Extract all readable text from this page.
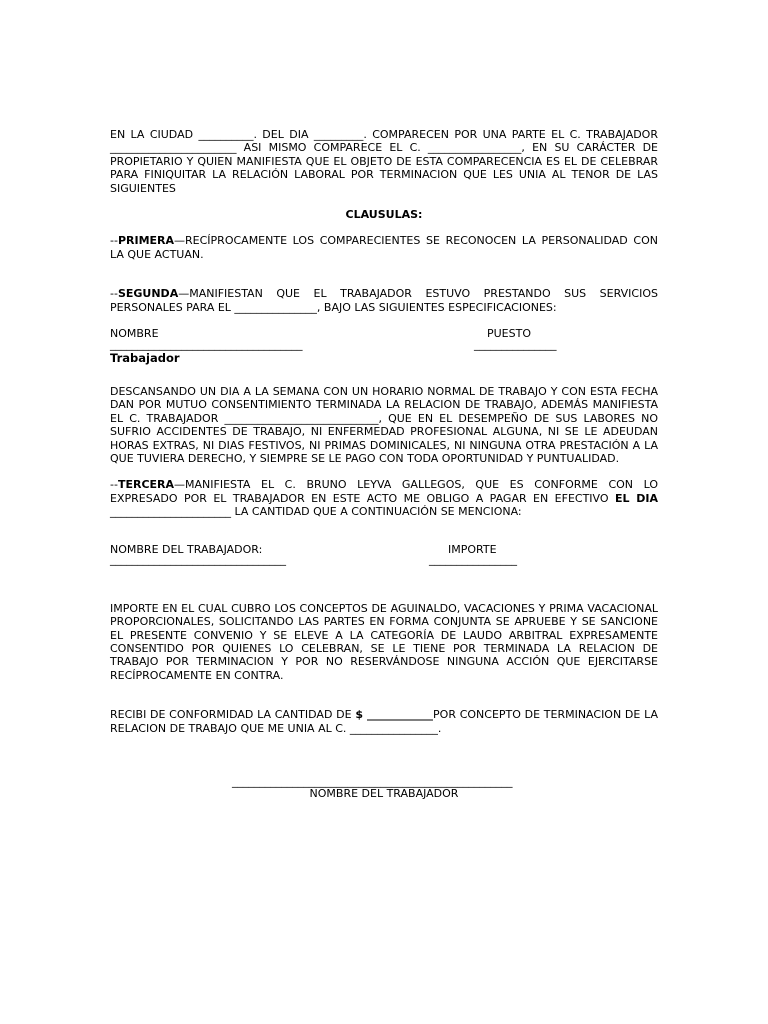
EN LA CIUDAD __________. DEL DIA _________. COMPARECEN POR UNA PARTE EL C. TRABAJADOR
_______________________ ASI MISMO COMPARECE EL C. _________________, EN SU CARÁCTER DE
PROPIETARIO Y QUIEN MANIFIESTA QUE EL OBJETO DE ESTA COMPARECENCIA ES EL DE CELEBRAR
PARA FINIQUITAR LA RELACIÓN LABORAL POR TERMINACION QUE LES UNIA AL TENOR DE LAS
SIGUIENTES

CLAUSULAS:

--PRIMERA—RECÍPROCAMENTE LOS COMPARECIENTES SE RECONOCEN LA PERSONALIDAD CON LA QUE ACTUAN.

--SEGUNDA—MANIFIESTAN QUE EL TRABAJADOR ESTUVO PRESTANDO SUS SERVICIOS PERSONALES PARA EL _______________, BAJO LAS SIGUIENTES ESPECIFICACIONES:

NOMBRE	PUESTO
___________________________________	_______________
Trabajador

DESCANSANDO UN DIA A LA SEMANA CON UN HORARIO NORMAL DE TRABAJO Y CON ESTA FECHA DAN POR MUTUO CONSENTIMIENTO TERMINADA LA RELACION DE TRABAJO, ADEMÁS MANIFIESTA EL C. TRABAJADOR ____________________________, QUE EN EL DESEMPEÑO DE SUS LABORES NO SUFRIO ACCIDENTES DE TRABAJO, NI ENFERMEDAD PROFESIONAL ALGUNA, NI SE LE ADEUDAN HORAS EXTRAS, NI DIAS FESTIVOS, NI PRIMAS DOMINICALES, NI NINGUNA OTRA PRESTACIÓN A LA QUE TUVIERA DERECHO, Y SIEMPRE SE LE PAGO CON TODA OPORTUNIDAD Y PUNTUALIDAD.

--TERCERA—MANIFIESTA EL C. BRUNO LEYVA GALLEGOS, QUE ES CONFORME CON LO EXPRESADO POR EL TRABAJADOR EN ESTE ACTO ME OBLIGO A PAGAR EN EFECTIVO EL DIA ______________________ LA CANTIDAD QUE A CONTINUACIÓN SE MENCIONA:

NOMBRE DEL TRABAJADOR:	IMPORTE
________________________________	________________

IMPORTE EN EL CUAL CUBRO LOS CONCEPTOS DE AGUINALDO, VACACIONES Y PRIMA VACACIONAL PROPORCIONALES, SOLICITANDO LAS PARTES EN FORMA CONJUNTA SE APRUEBE Y SE SANCIONE EL PRESENTE CONVENIO Y SE ELEVE A LA CATEGORÍA DE LAUDO ARBITRAL EXPRESAMENTE CONSENTIDO POR QUIENES LO CELEBRAN, SE LE TIENE POR TERMINADA LA RELACION DE TRABAJO POR TERMINACION Y POR NO RESERVÁNDOSE NINGUNA ACCIÓN QUE EJERCITARSE RECÍPROCAMENTE EN CONTRA.

RECIBI DE CONFORMIDAD LA CANTIDAD DE $ ____________POR CONCEPTO DE TERMINACION DE LA RELACION DE TRABAJO QUE ME UNIA AL C. ________________.

___________________________________________________
NOMBRE DEL TRABAJADOR
